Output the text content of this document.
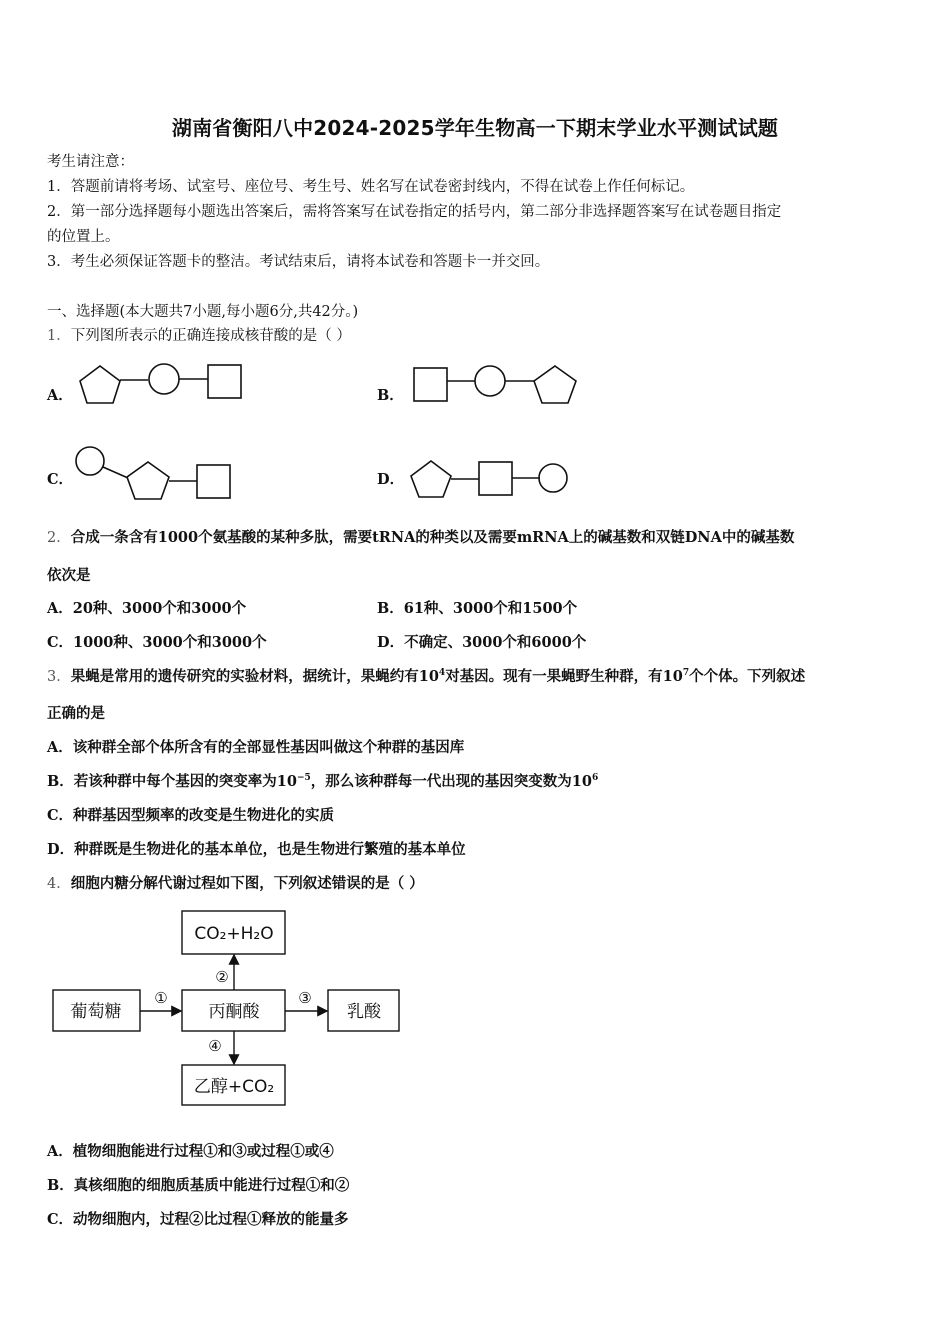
湖南省衡阳八中2024-2025学年生物高一下期末学业水平测试试题
考生请注意：
1．答题前请将考场、试室号、座位号、考生号、姓名写在试卷密封线内，不得在试卷上作任何标记。
2．第一部分选择题每小题选出答案后，需将答案写在试卷指定的括号内，第二部分非选择题答案写在试卷题目指定
的位置上。
3．考生必须保证答题卡的整洁。考试结束后，请将本试卷和答题卡一并交回。
一、选择题(本大题共7小题,每小题6分,共42分。)
1．下列图所表示的正确连接成核苷酸的是（ ）
A．	B．
C．	D．
2．合成一条含有1000个氨基酸的某种多肽，需要tRNA的种类以及需要mRNA上的碱基数和双链DNA中的碱基数
依次是
A．20种、3000个和3000个	B．61种、3000个和1500个
C．1000种、3000个和3000个	D．不确定、3000个和6000个
3．果蝇是常用的遗传研究的实验材料，据统计，果蝇约有$10^4$对基因。现有一果蝇野生种群，有$10^7$个个体。下列叙述
正确的是
A．该种群全部个体所含有的全部显性基因叫做这个种群的基因库
B．若该种群中每个基因的突变率为$10^{-5}$，那么该种群每一代出现的基因突变数为$10^6$
C．种群基因型频率的改变是生物进化的实质
D．种群既是生物进化的基本单位，也是生物进行繁殖的基本单位
4．细胞内糖分解代谢过程如下图，下列叙述错误的是（ ）
CO₂+H₂O
葡萄糖	丙酮酸	乳酸
乙醇+CO₂
①
②
③
④
A．植物细胞能进行过程①和③或过程①或④
B．真核细胞的细胞质基质中能进行过程①和②
C．动物细胞内，过程②比过程①释放的能量多
